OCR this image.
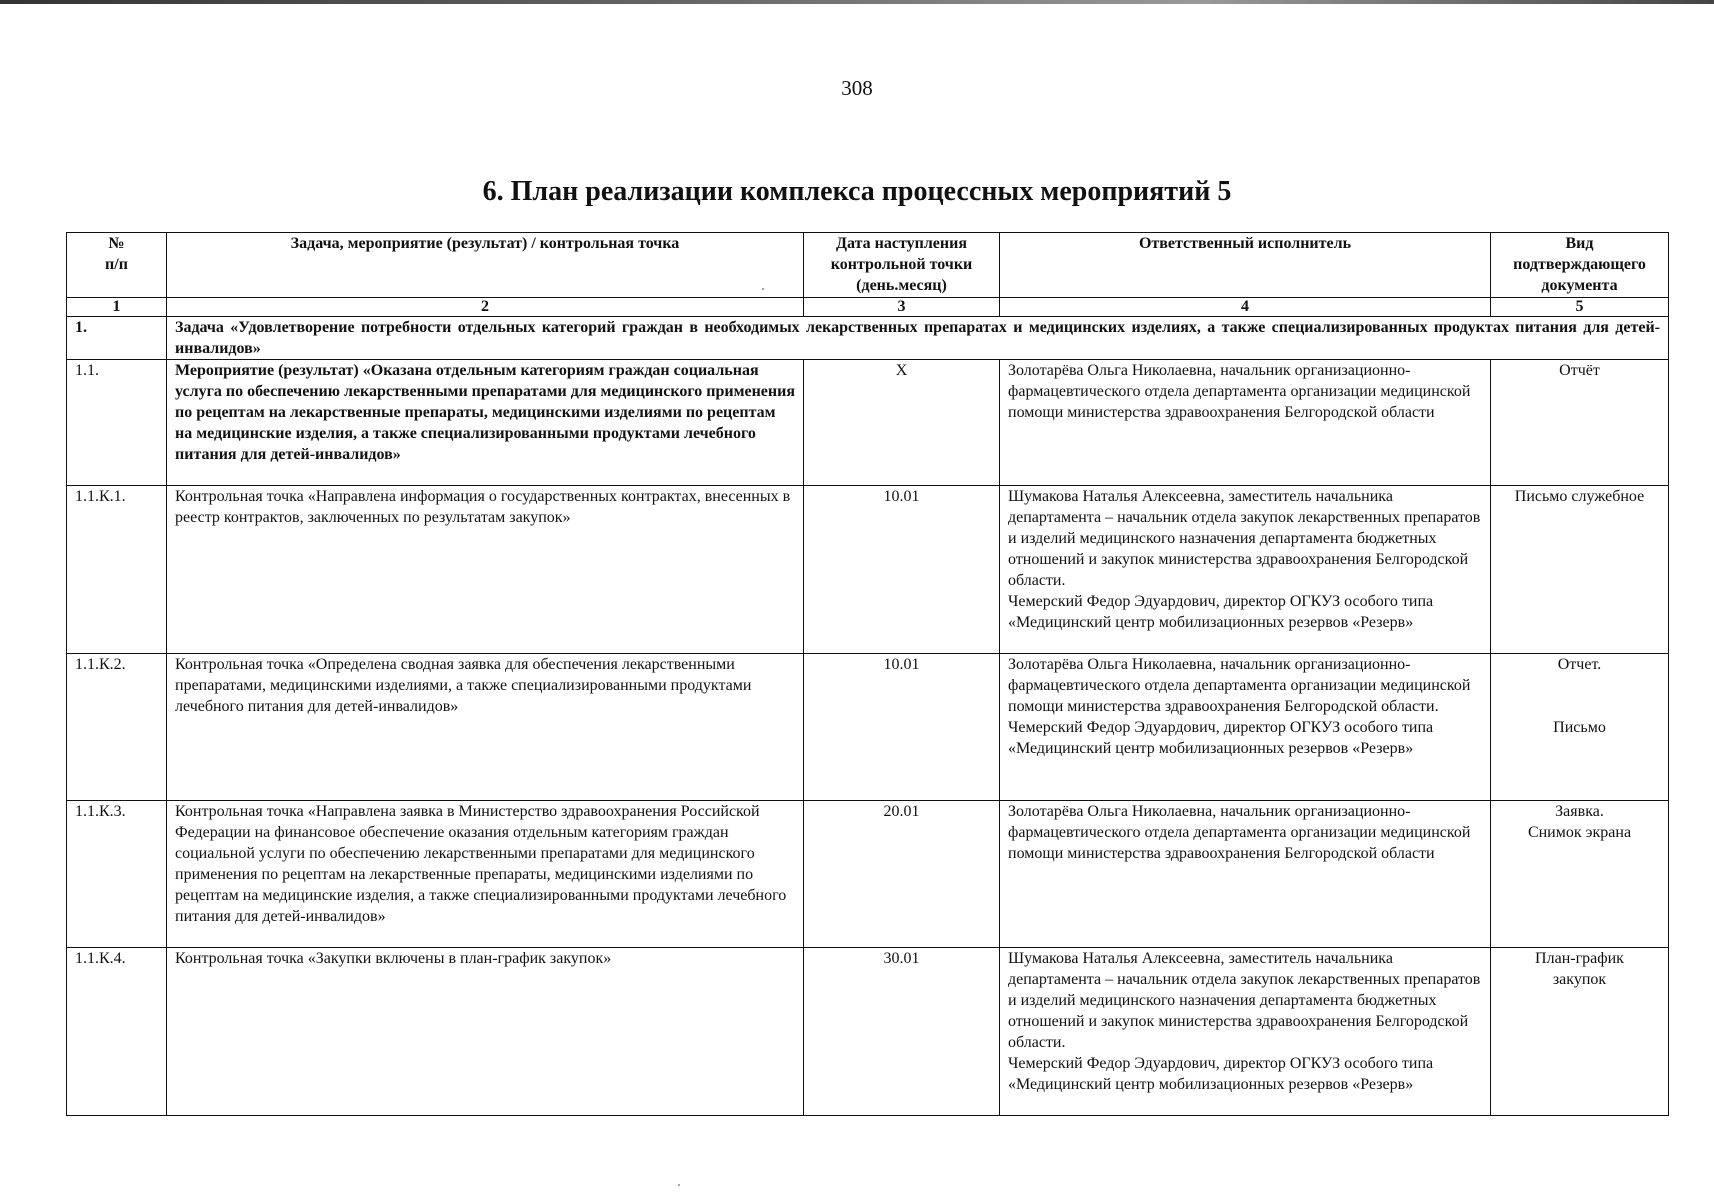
308
6. План реализации комплекса процессных мероприятий 5
№
п/п	Задача, мероприятие (результат) / контрольная точка	Дата наступления
контрольной точки
(день.месяц)	Ответственный исполнитель	Вид
подтверждающего
документа
1	2	3	4	5
1.	Задача «Удовлетворение потребности отдельных категорий граждан в необходимых лекарственных препаратах и медицинских изделиях, а также специализированных продуктах питания для детей-инвалидов»			
1.1.	Мероприятие (результат) «Оказана отдельным категориям граждан социальная услуга по обеспечению лекарственными препаратами для медицинского применения по рецептам на лекарственные препараты, медицинскими изделиями по рецептам на медицинские изделия, а также специализированными продуктами лечебного питания для детей-инвалидов»	Х	Золотарёва Ольга Николаевна, начальник организационно-фармацевтического отдела департамента организации медицинской помощи министерства здравоохранения Белгородской области	Отчёт
1.1.К.1.	Контрольная точка «Направлена информация о государственных контрактах, внесенных в реестр контрактов, заключенных по результатам закупок»	10.01	Шумакова Наталья Алексеевна, заместитель начальника департамента – начальник отдела закупок лекарственных препаратов и изделий медицинского назначения департамента бюджетных отношений и закупок министерства здравоохранения Белгородской области.
Чемерский Федор Эдуардович, директор ОГКУЗ особого типа «Медицинский центр мобилизационных резервов «Резерв»	Письмо служебное
1.1.К.2.	Контрольная точка «Определена сводная заявка для обеспечения лекарственными препаратами, медицинскими изделиями, а также специализированными продуктами лечебного питания для детей-инвалидов»	10.01	Золотарёва Ольга Николаевна, начальник организационно-фармацевтического отдела департамента организации медицинской помощи министерства здравоохранения Белгородской области.
Чемерский Федор Эдуардович, директор ОГКУЗ особого типа «Медицинский центр мобилизационных резервов «Резерв»	Отчет.
Письмо
1.1.К.3.	Контрольная точка «Направлена заявка в Министерство здравоохранения Российской Федерации на финансовое обеспечение оказания отдельным категориям граждан социальной услуги по обеспечению лекарственными препаратами для медицинского применения по рецептам на лекарственные препараты, медицинскими изделиями по рецептам на медицинские изделия, а также специализированными продуктами лечебного питания для детей-инвалидов»	20.01	Золотарёва Ольга Николаевна, начальник организационно-фармацевтического отдела департамента организации медицинской помощи министерства здравоохранения Белгородской области	Заявка.
Снимок экрана
1.1.К.4.	Контрольная точка «Закупки включены в план-график закупок»	30.01	Шумакова Наталья Алексеевна, заместитель начальника департамента – начальник отдела закупок лекарственных препаратов и изделий медицинского назначения департамента бюджетных отношений и закупок министерства здравоохранения Белгородской области.
Чемерский Федор Эдуардович, директор ОГКУЗ особого типа «Медицинский центр мобилизационных резервов «Резерв»	План-график
закупок
